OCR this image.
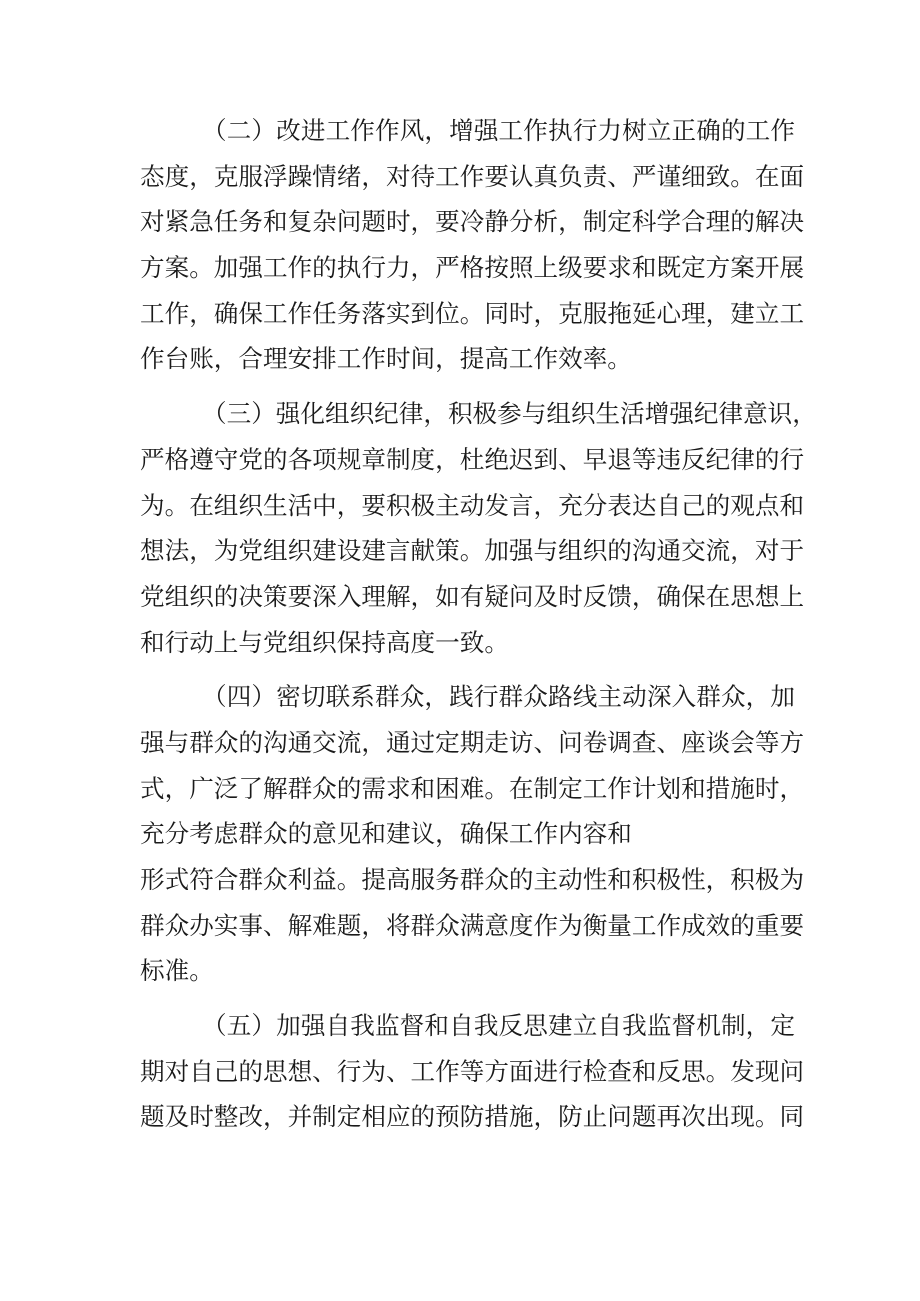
（二）改进工作作风，增强工作执行力树立正确的工作
态度，克服浮躁情绪，对待工作要认真负责、严谨细致。在面
对紧急任务和复杂问题时，要冷静分析，制定科学合理的解决
方案。加强工作的执行力，严格按照上级要求和既定方案开展
工作，确保工作任务落实到位。同时，克服拖延心理，建立工
作台账，合理安排工作时间，提高工作效率。
（三）强化组织纪律，积极参与组织生活增强纪律意识，
严格遵守党的各项规章制度，杜绝迟到、早退等违反纪律的行
为。在组织生活中，要积极主动发言，充分表达自己的观点和
想法，为党组织建设建言献策。加强与组织的沟通交流，对于
党组织的决策要深入理解，如有疑问及时反馈，确保在思想上
和行动上与党组织保持高度一致。
（四）密切联系群众，践行群众路线主动深入群众，加
强与群众的沟通交流，通过定期走访、问卷调查、座谈会等方
式，广泛了解群众的需求和困难。在制定工作计划和措施时，
充分考虑群众的意见和建议，确保工作内容和
形式符合群众利益。提高服务群众的主动性和积极性，积极为
群众办实事、解难题，将群众满意度作为衡量工作成效的重要
标准。
（五）加强自我监督和自我反思建立自我监督机制，定
期对自己的思想、行为、工作等方面进行检查和反思。发现问
题及时整改，并制定相应的预防措施，防止问题再次出现。同
